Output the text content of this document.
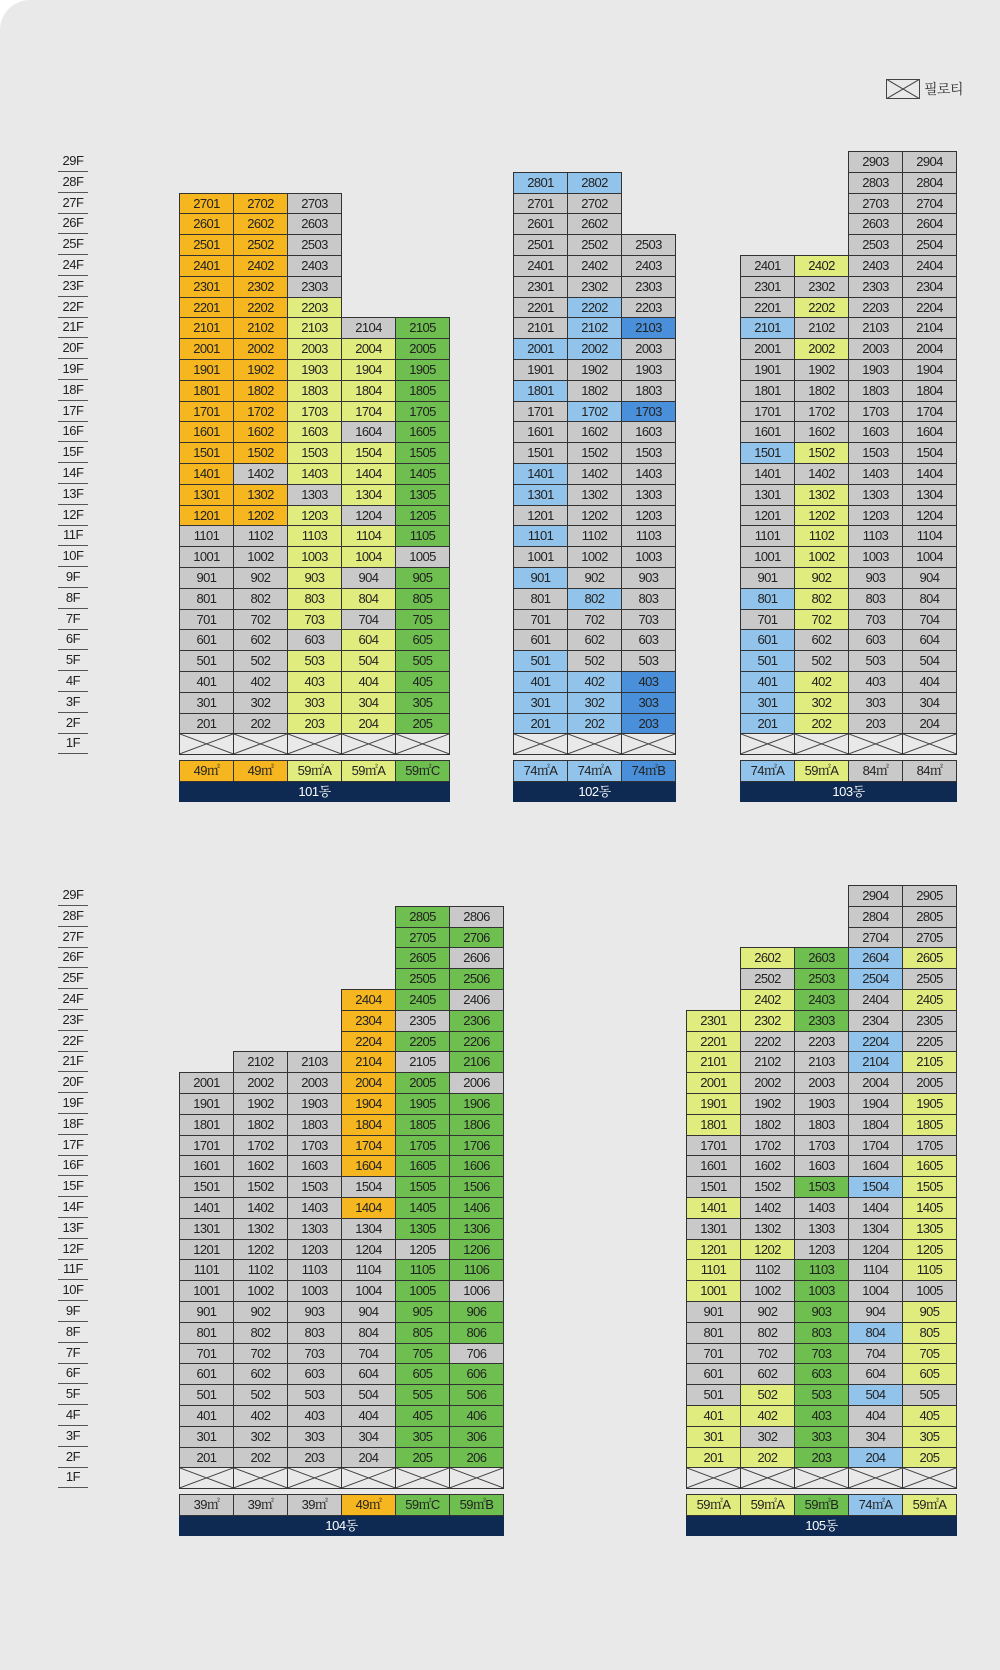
필로티
29F
28F
27F
26F
25F
24F
23F
22F
21F
20F
19F
18F
17F
16F
15F
14F
13F
12F
11F
10F
9F
8F
7F
6F
5F
4F
3F
2F
1F
201
301
401
501
601
701
801
901
1001
1101
1201
1301
1401
1501
1601
1701
1801
1901
2001
2101
2201
2301
2401
2501
2601
2701
49㎡
202
302
402
502
602
702
802
902
1002
1102
1202
1302
1402
1502
1602
1702
1802
1902
2002
2102
2202
2302
2402
2502
2602
2702
49㎡
203
303
403
503
603
703
803
903
1003
1103
1203
1303
1403
1503
1603
1703
1803
1903
2003
2103
2203
2303
2403
2503
2603
2703
59㎡A
204
304
404
504
604
704
804
904
1004
1104
1204
1304
1404
1504
1604
1704
1804
1904
2004
2104
59㎡A
205
305
405
505
605
705
805
905
1005
1105
1205
1305
1405
1505
1605
1705
1805
1905
2005
2105
59㎡C
101동
201
301
401
501
601
701
801
901
1001
1101
1201
1301
1401
1501
1601
1701
1801
1901
2001
2101
2201
2301
2401
2501
2601
2701
2801
74㎡A
202
302
402
502
602
702
802
902
1002
1102
1202
1302
1402
1502
1602
1702
1802
1902
2002
2102
2202
2302
2402
2502
2602
2702
2802
74㎡A
203
303
403
503
603
703
803
903
1003
1103
1203
1303
1403
1503
1603
1703
1803
1903
2003
2103
2203
2303
2403
2503
74㎡B
102동
201
301
401
501
601
701
801
901
1001
1101
1201
1301
1401
1501
1601
1701
1801
1901
2001
2101
2201
2301
2401
74㎡A
202
302
402
502
602
702
802
902
1002
1102
1202
1302
1402
1502
1602
1702
1802
1902
2002
2102
2202
2302
2402
59㎡A
203
303
403
503
603
703
803
903
1003
1103
1203
1303
1403
1503
1603
1703
1803
1903
2003
2103
2203
2303
2403
2503
2603
2703
2803
2903
84㎡
204
304
404
504
604
704
804
904
1004
1104
1204
1304
1404
1504
1604
1704
1804
1904
2004
2104
2204
2304
2404
2504
2604
2704
2804
2904
84㎡
103동
29F
28F
27F
26F
25F
24F
23F
22F
21F
20F
19F
18F
17F
16F
15F
14F
13F
12F
11F
10F
9F
8F
7F
6F
5F
4F
3F
2F
1F
201
301
401
501
601
701
801
901
1001
1101
1201
1301
1401
1501
1601
1701
1801
1901
2001
39㎡
202
302
402
502
602
702
802
902
1002
1102
1202
1302
1402
1502
1602
1702
1802
1902
2002
2102
39㎡
203
303
403
503
603
703
803
903
1003
1103
1203
1303
1403
1503
1603
1703
1803
1903
2003
2103
39㎡
204
304
404
504
604
704
804
904
1004
1104
1204
1304
1404
1504
1604
1704
1804
1904
2004
2104
2204
2304
2404
49㎡
205
305
405
505
605
705
805
905
1005
1105
1205
1305
1405
1505
1605
1705
1805
1905
2005
2105
2205
2305
2405
2505
2605
2705
2805
59㎡C
206
306
406
506
606
706
806
906
1006
1106
1206
1306
1406
1506
1606
1706
1806
1906
2006
2106
2206
2306
2406
2506
2606
2706
2806
59㎡B
104동
201
301
401
501
601
701
801
901
1001
1101
1201
1301
1401
1501
1601
1701
1801
1901
2001
2101
2201
2301
59㎡A
202
302
402
502
602
702
802
902
1002
1102
1202
1302
1402
1502
1602
1702
1802
1902
2002
2102
2202
2302
2402
2502
2602
59㎡A
203
303
403
503
603
703
803
903
1003
1103
1203
1303
1403
1503
1603
1703
1803
1903
2003
2103
2203
2303
2403
2503
2603
59㎡B
204
304
404
504
604
704
804
904
1004
1104
1204
1304
1404
1504
1604
1704
1804
1904
2004
2104
2204
2304
2404
2504
2604
2704
2804
2904
74㎡A
205
305
405
505
605
705
805
905
1005
1105
1205
1305
1405
1505
1605
1705
1805
1905
2005
2105
2205
2305
2405
2505
2605
2705
2805
2905
59㎡A
105동
